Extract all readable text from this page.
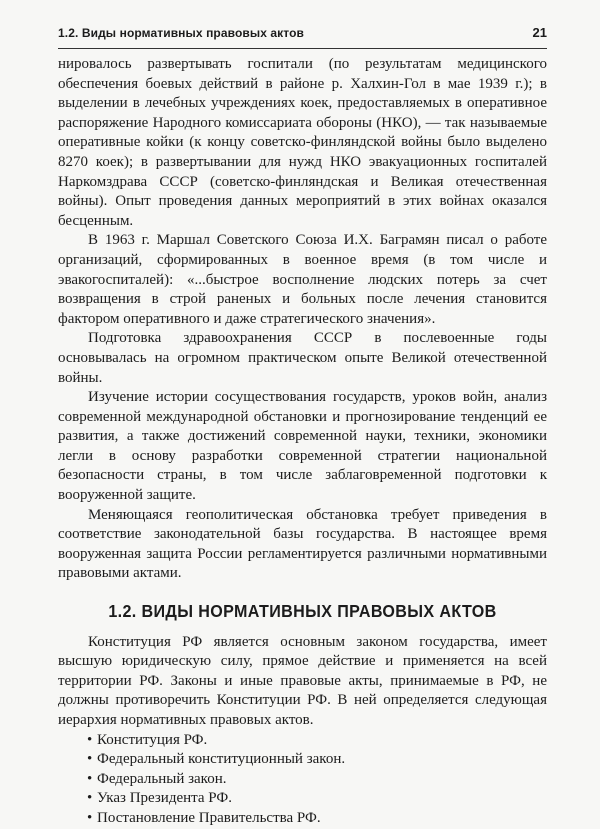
1.2. Виды нормативных правовых актов	21

нировалось развертывать госпитали (по результатам медицинского обеспечения боевых действий в районе р. Халхин-Гол в мае 1939 г.); в выделении в лечебных учреждениях коек, предоставляемых в оперативное распоряжение Народного комиссариата обороны (НКО), — так называемые оперативные койки (к концу советско-финляндской войны было выделено 8270 коек); в развертывании для нужд НКО эвакуационных госпиталей Наркомздрава СССР (советско-финляндская и Великая отечественная войны). Опыт проведения данных мероприятий в этих войнах оказался бесценным.

В 1963 г. Маршал Советского Союза И.Х. Баграмян писал о работе организаций, сформированных в военное время (в том числе и эвакогоспиталей): «...быстрое восполнение людских потерь за счет возвращения в строй раненых и больных после лечения становится фактором оперативного и даже стратегического значения».

Подготовка здравоохранения СССР в послевоенные годы основывалась на огромном практическом опыте Великой отечественной войны.

Изучение истории сосуществования государств, уроков войн, анализ современной международной обстановки и прогнозирование тенденций ее развития, а также достижений современной науки, техники, экономики легли в основу разработки современной стратегии национальной безопасности страны, в том числе заблаговременной подготовки к вооруженной защите.

Меняющаяся геополитическая обстановка требует приведения в соответствие законодательной базы государства. В настоящее время вооруженная защита России регламентируется различными нормативными правовыми актами.

1.2. ВИДЫ НОРМАТИВНЫХ ПРАВОВЫХ АКТОВ

Конституция РФ является основным законом государства, имеет высшую юридическую силу, прямое действие и применяется на всей территории РФ. Законы и иные правовые акты, принимаемые в РФ, не должны противоречить Конституции РФ. В ней определяется следующая иерархия нормативных правовых актов.

• Конституция РФ.
• Федеральный конституционный закон.
• Федеральный закон.
• Указ Президента РФ.
• Постановление Правительства РФ.
